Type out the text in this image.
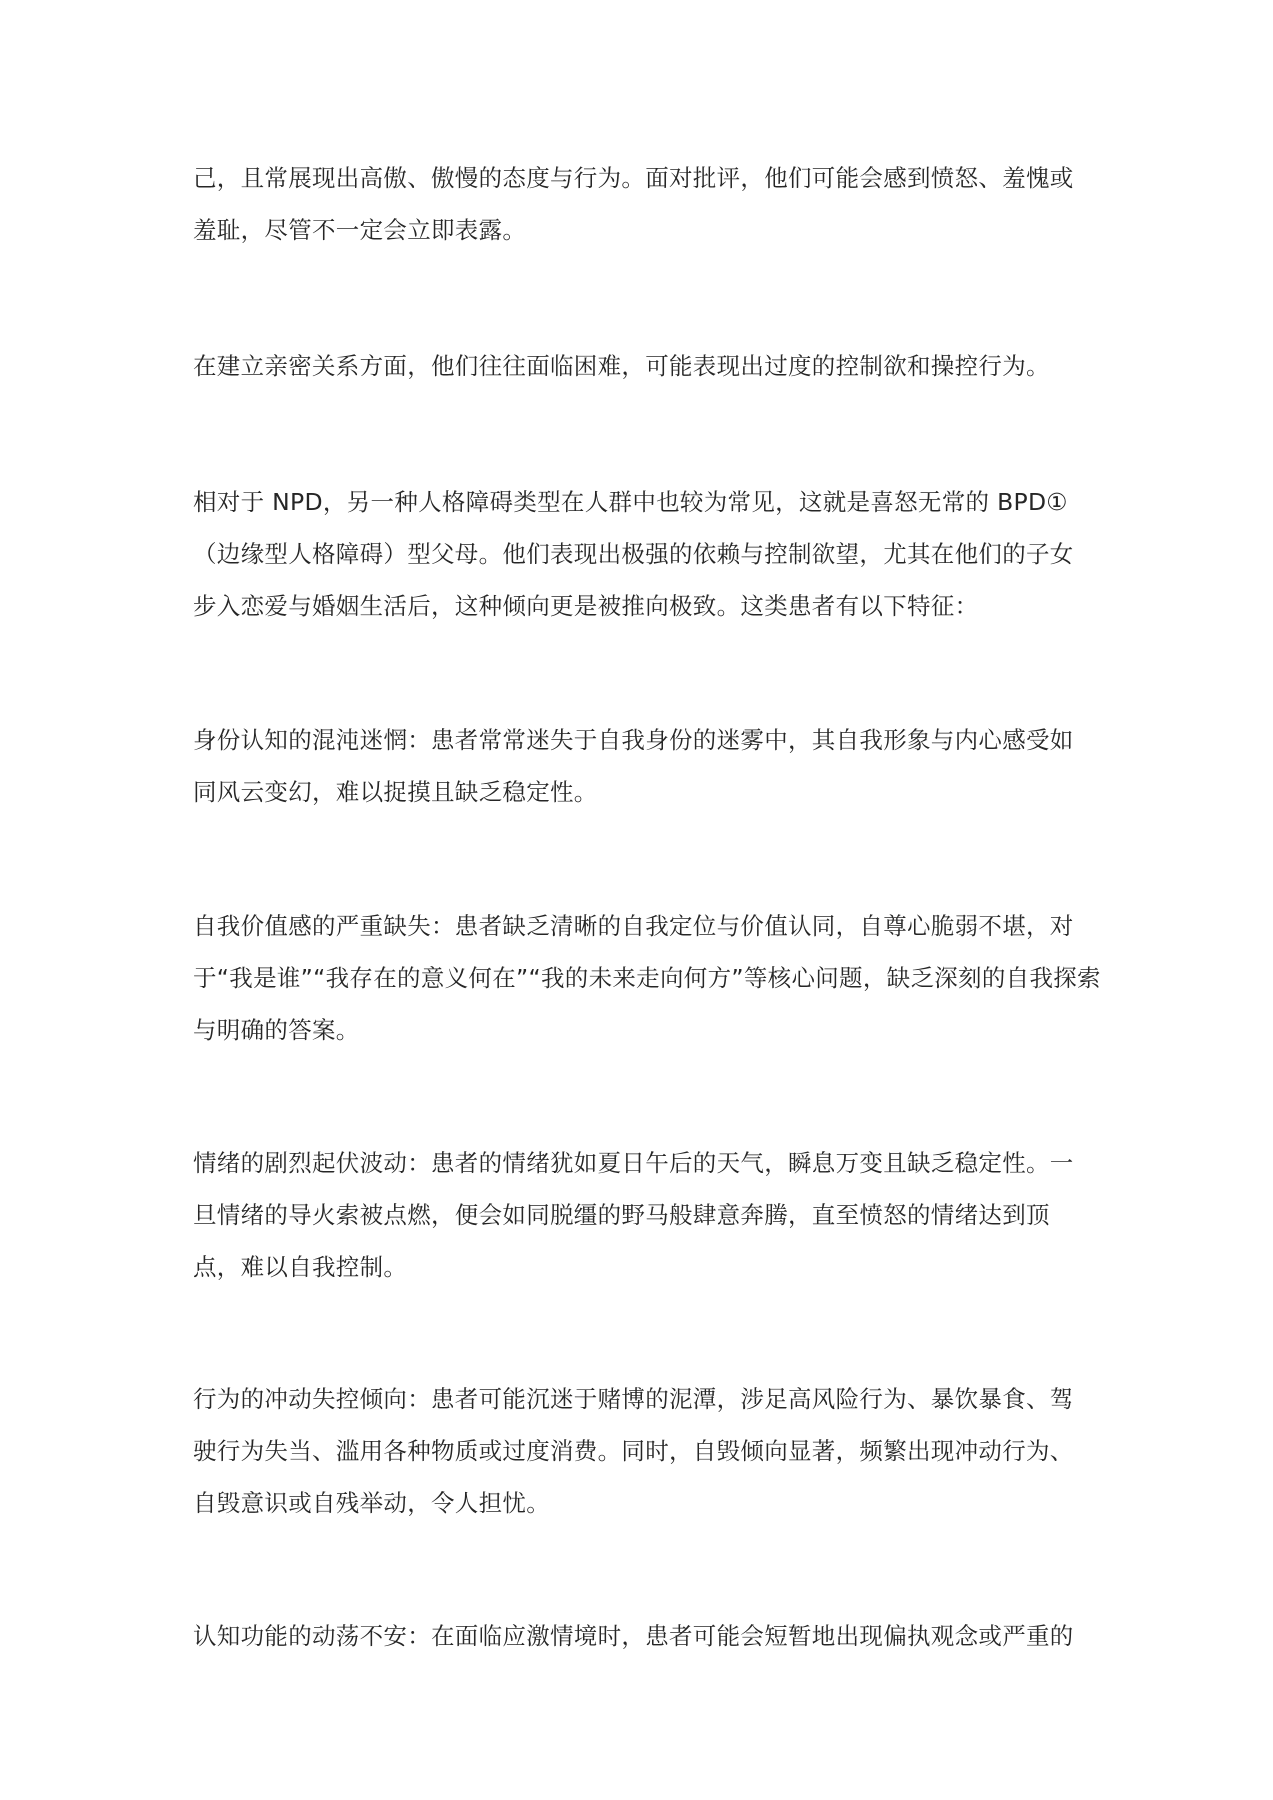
己，且常展现出高傲、傲慢的态度与行为。面对批评，他们可能会感到愤怒、羞愧或
羞耻，尽管不一定会立即表露。

在建立亲密关系方面，他们往往面临困难，可能表现出过度的控制欲和操控行为。

相对于 NPD，另一种人格障碍类型在人群中也较为常见，这就是喜怒无常的 BPD①
（边缘型人格障碍）型父母。他们表现出极强的依赖与控制欲望，尤其在他们的子女
步入恋爱与婚姻生活后，这种倾向更是被推向极致。这类患者有以下特征：

身份认知的混沌迷惘：患者常常迷失于自我身份的迷雾中，其自我形象与内心感受如
同风云变幻，难以捉摸且缺乏稳定性。

自我价值感的严重缺失：患者缺乏清晰的自我定位与价值认同，自尊心脆弱不堪，对
于“我是谁”“我存在的意义何在”“我的未来走向何方”等核心问题，缺乏深刻的自我探索
与明确的答案。

情绪的剧烈起伏波动：患者的情绪犹如夏日午后的天气，瞬息万变且缺乏稳定性。一
旦情绪的导火索被点燃，便会如同脱缰的野马般肆意奔腾，直至愤怒的情绪达到顶
点，难以自我控制。

行为的冲动失控倾向：患者可能沉迷于赌博的泥潭，涉足高风险行为、暴饮暴食、驾
驶行为失当、滥用各种物质或过度消费。同时，自毁倾向显著，频繁出现冲动行为、
自毁意识或自残举动，令人担忧。

认知功能的动荡不安：在面临应激情境时，患者可能会短暂地出现偏执观念或严重的
